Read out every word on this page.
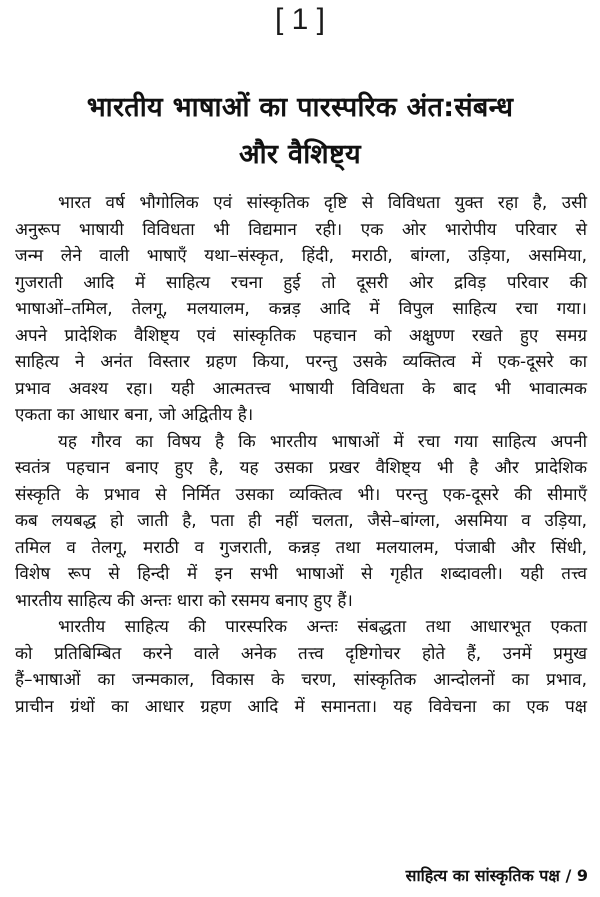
[ 1 ]
भारतीय भाषाओं का पारस्परिक अंत:संबन्ध
और वैशिष्ट्य
भारत वर्ष भौगोलिक एवं सांस्कृतिक दृष्टि से विविधता युक्त रहा है, उसी
अनुरूप भाषायी विविधता भी विद्यमान रही। एक ओर भारोपीय परिवार से
जन्म लेने वाली भाषाएँ यथा–संस्कृत, हिंदी, मराठी, बांग्ला, उड़िया, असमिया,
गुजराती आदि में साहित्य रचना हुई तो दूसरी ओर द्रविड़ परिवार की
भाषाओं–तमिल, तेलगू, मलयालम, कन्नड़ आदि में विपुल साहित्य रचा गया।
अपने प्रादेशिक वैशिष्ट्य एवं सांस्कृतिक पहचान को अक्षुण्ण रखते हुए समग्र
साहित्य ने अनंत विस्तार ग्रहण किया, परन्तु उसके व्यक्तित्व में एक-दूसरे का
प्रभाव अवश्य रहा। यही आत्मतत्त्व भाषायी विविधता के बाद भी भावात्मक
एकता का आधार बना, जो अद्वितीय है।
यह गौरव का विषय है कि भारतीय भाषाओं में रचा गया साहित्य अपनी
स्वतंत्र पहचान बनाए हुए है, यह उसका प्रखर वैशिष्ट्य भी है और प्रादेशिक
संस्कृति के प्रभाव से निर्मित उसका व्यक्तित्व भी। परन्तु एक-दूसरे की सीमाएँ
कब लयबद्ध हो जाती है, पता ही नहीं चलता, जैसे–बांग्ला, असमिया व उड़िया,
तमिल व तेलगू, मराठी व गुजराती, कन्नड़ तथा मलयालम, पंजाबी और सिंधी,
विशेष रूप से हिन्दी में इन सभी भाषाओं से गृहीत शब्दावली। यही तत्त्व
भारतीय साहित्य की अन्तः धारा को रसमय बनाए हुए हैं।
भारतीय साहित्य की पारस्परिक अन्तः संबद्धता तथा आधारभूत एकता
को प्रतिबिम्बित करने वाले अनेक तत्त्व दृष्टिगोचर होते हैं, उनमें प्रमुख
हैं–भाषाओं का जन्मकाल, विकास के चरण, सांस्कृतिक आन्दोलनों का प्रभाव,
प्राचीन ग्रंथों का आधार ग्रहण आदि में समानता। यह विवेचना का एक पक्ष
साहित्य का सांस्कृतिक पक्ष / 9
